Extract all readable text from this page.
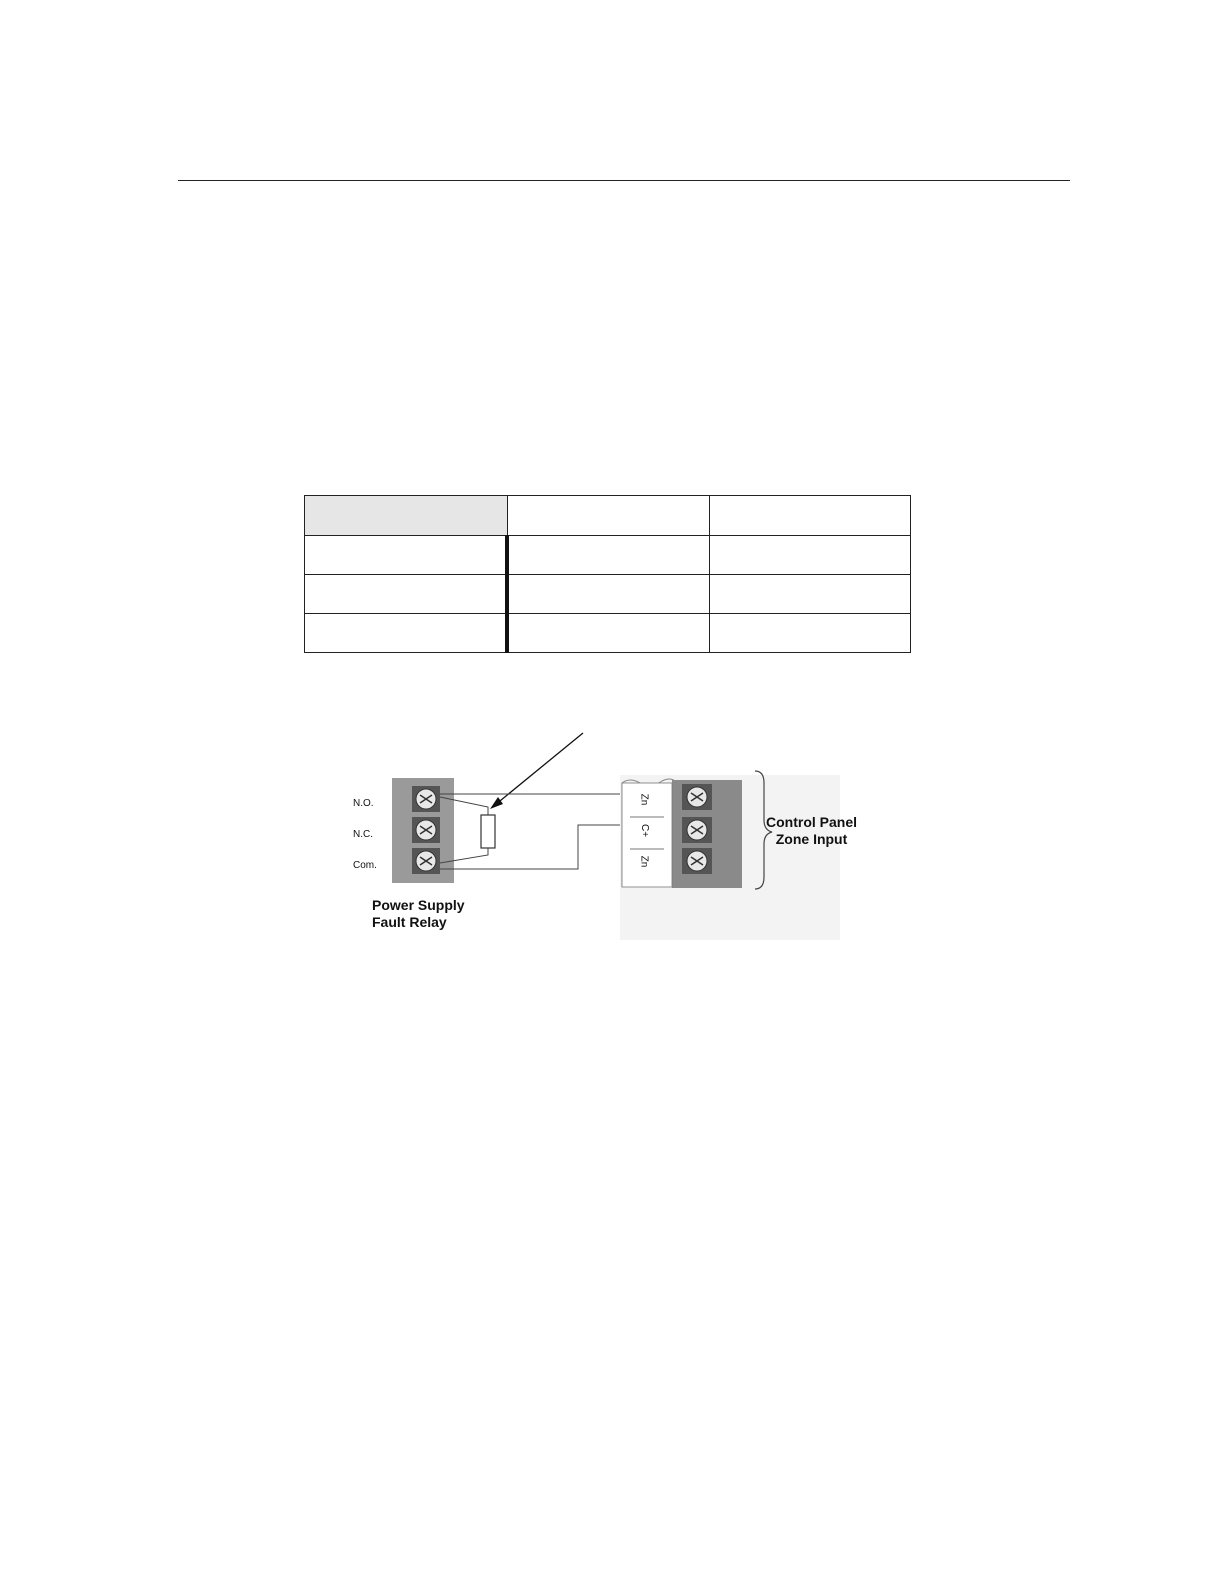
N.O.
N.C.
Com.
Zn
C+
Zn
Power Supply
Fault Relay
Control Panel
Zone Input
